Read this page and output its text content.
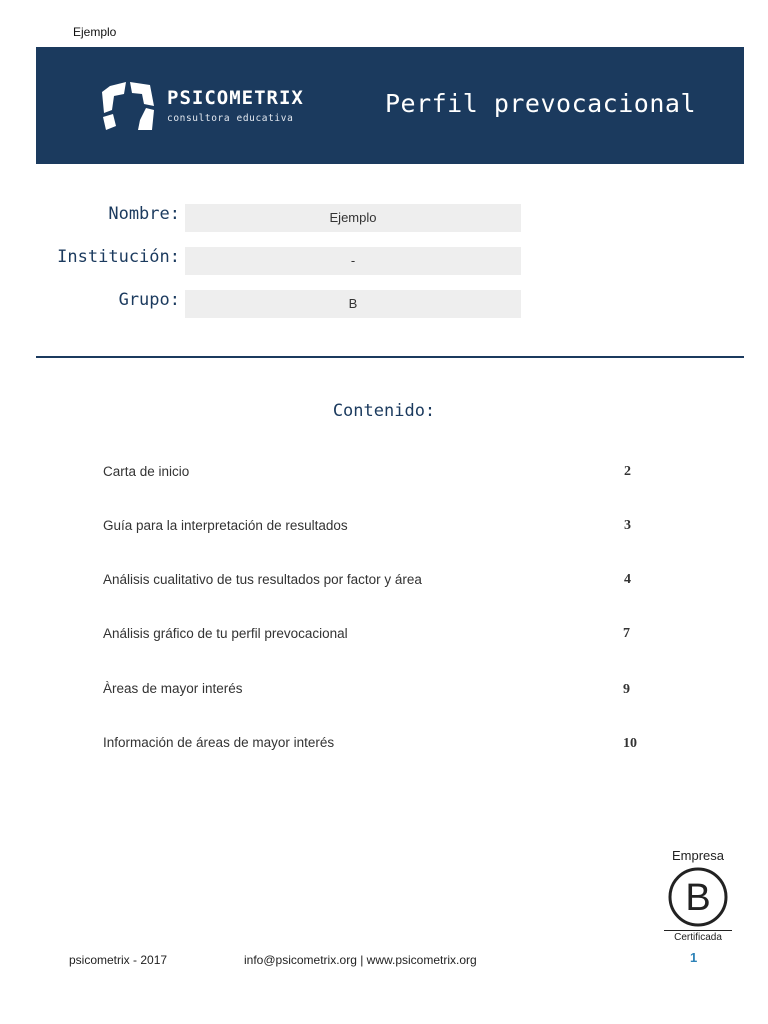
Ejemplo
PSICOMETRIX
consultora educativa
Perfil prevocacional
Nombre:	Ejemplo
Institución:	-
Grupo:	B
Contenido:
Carta de inicio	2
Guía para la interpretación de resultados	3
Análisis cualitativo de tus resultados por factor y área	4
Análisis gráfico de tu perfil prevocacional	7
Àreas de mayor interés	9
Información de áreas de mayor interés	10
Empresa
B
Certificada
1
psicometrix - 2017	info@psicometrix.org | www.psicometrix.org
